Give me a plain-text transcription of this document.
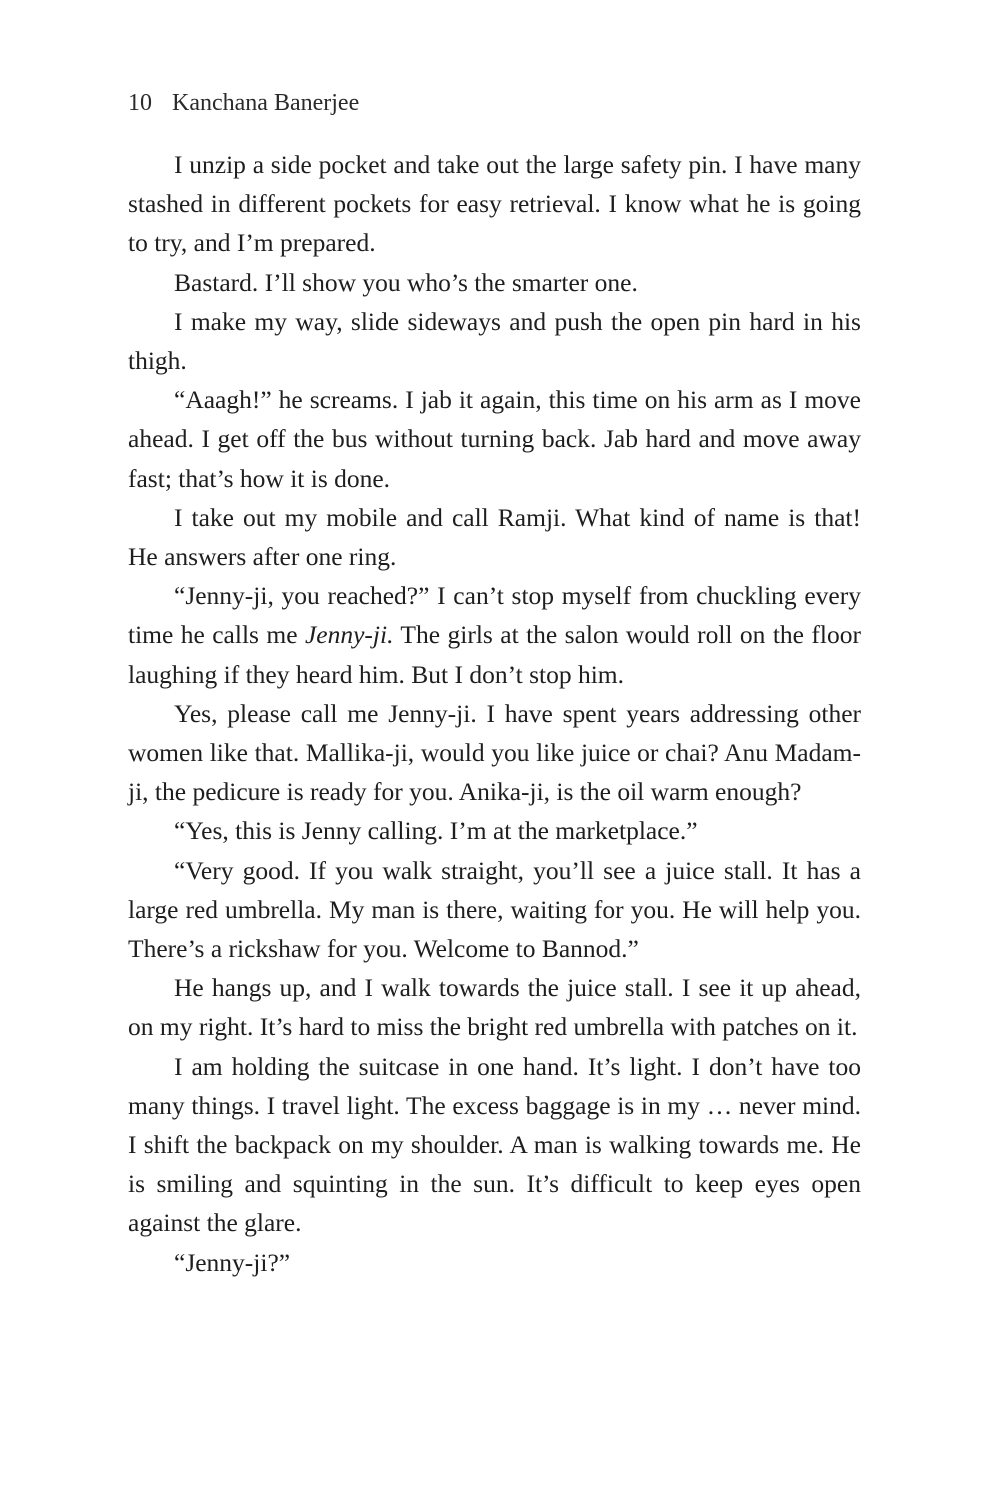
10 Kanchana Banerjee

I unzip a side pocket and take out the large safety pin. I have many stashed in different pockets for easy retrieval. I know what he is going to try, and I’m prepared.

Bastard. I’ll show you who’s the smarter one.

I make my way, slide sideways and push the open pin hard in his thigh.

“Aaagh!” he screams. I jab it again, this time on his arm as I move ahead. I get off the bus without turning back. Jab hard and move away fast; that’s how it is done.

I take out my mobile and call Ramji. What kind of name is that! He answers after one ring.

“Jenny-ji, you reached?” I can’t stop myself from chuckling every time he calls me Jenny-ji. The girls at the salon would roll on the floor laughing if they heard him. But I don’t stop him.

Yes, please call me Jenny-ji. I have spent years addressing other women like that. Mallika-ji, would you like juice or chai? Anu Madam-ji, the pedicure is ready for you. Anika-ji, is the oil warm enough?

“Yes, this is Jenny calling. I’m at the marketplace.”

“Very good. If you walk straight, you’ll see a juice stall. It has a large red umbrella. My man is there, waiting for you. He will help you. There’s a rickshaw for you. Welcome to Bannod.”

He hangs up, and I walk towards the juice stall. I see it up ahead, on my right. It’s hard to miss the bright red umbrella with patches on it.

I am holding the suitcase in one hand. It’s light. I don’t have too many things. I travel light. The excess baggage is in my … never mind. I shift the backpack on my shoulder. A man is walking towards me. He is smiling and squinting in the sun. It’s difficult to keep eyes open against the glare.

“Jenny-ji?”
